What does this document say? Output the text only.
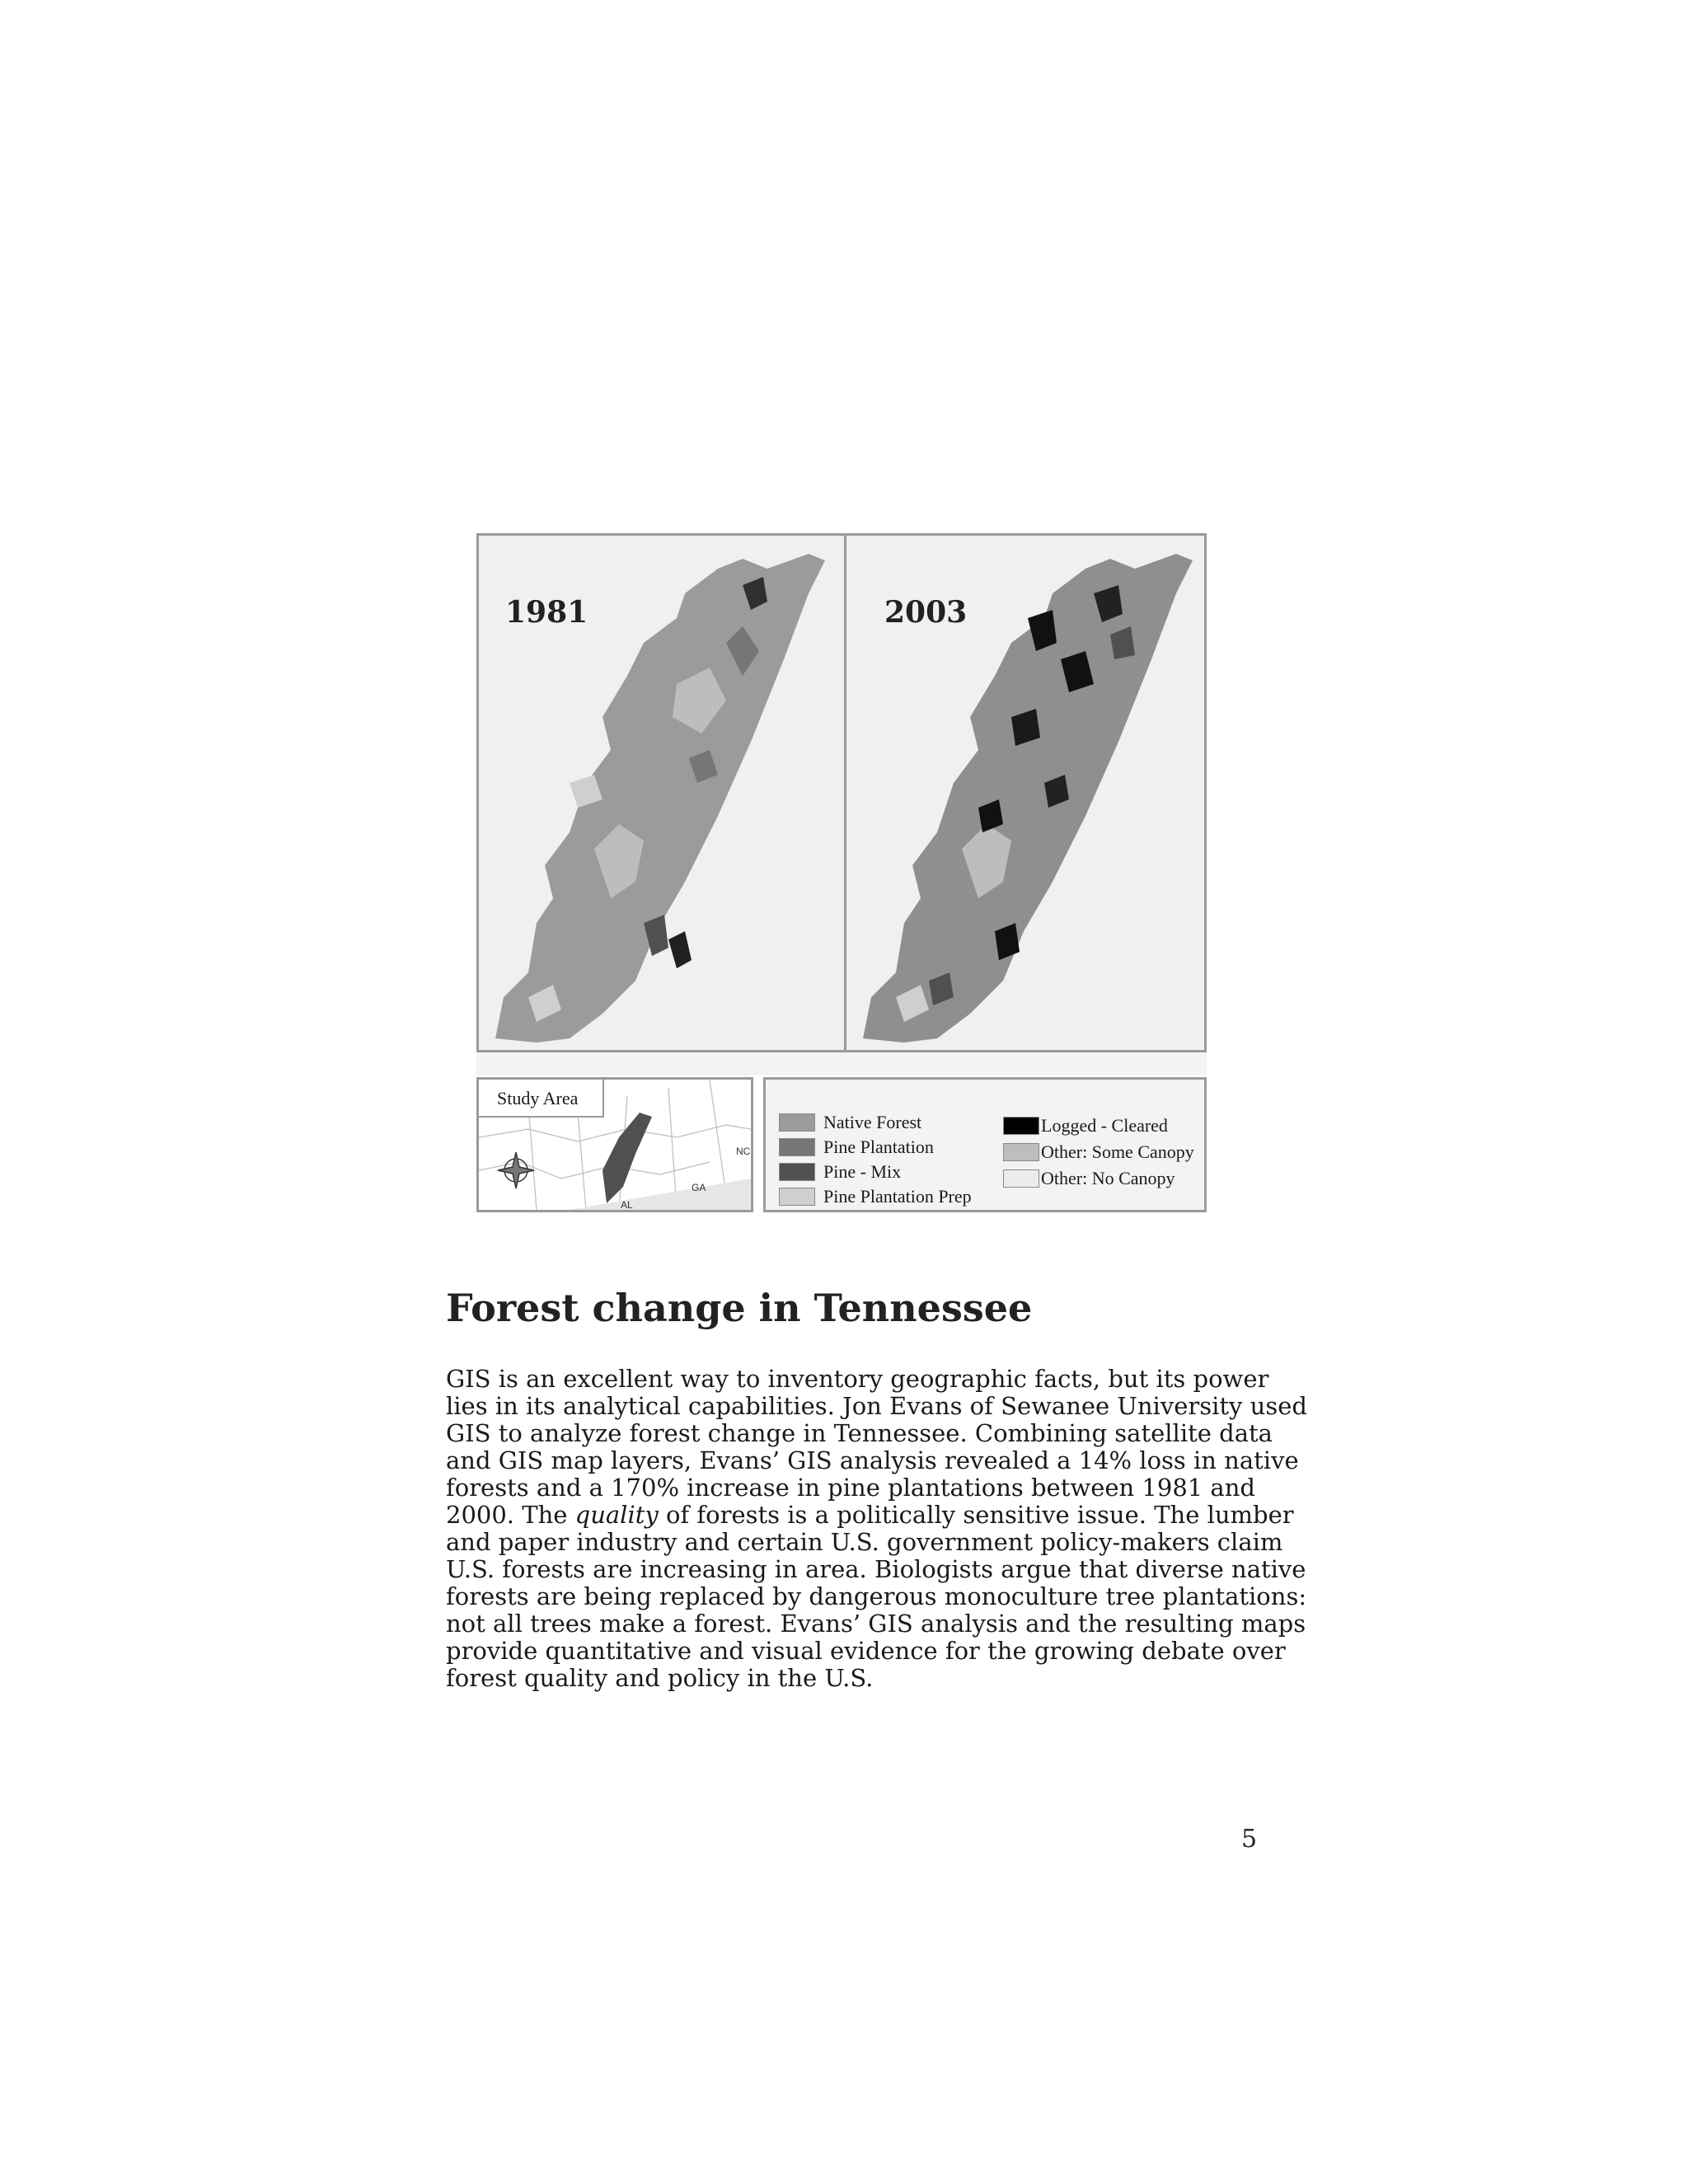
1981	2003
Study Area
NC
GA
AL
Native Forest
Pine Plantation
Pine - Mix
Pine Plantation Prep
Logged - Cleared
Other: Some Canopy
Other: No Canopy
Forest change in Tennessee
GIS is an excellent way to inventory geographic facts, but its power
lies in its analytical capabilities. Jon Evans of Sewanee University used
GIS to analyze forest change in Tennessee. Combining satellite data
and GIS map layers, Evans’ GIS analysis revealed a 14% loss in native
forests and a 170% increase in pine plantations between 1981 and
2000. The quality of forests is a politically sensitive issue. The lumber
and paper industry and certain U.S. government policy-makers claim
U.S. forests are increasing in area. Biologists argue that diverse native
forests are being replaced by dangerous monoculture tree plantations:
not all trees make a forest. Evans’ GIS analysis and the resulting maps
provide quantitative and visual evidence for the growing debate over
forest quality and policy in the U.S.
5
